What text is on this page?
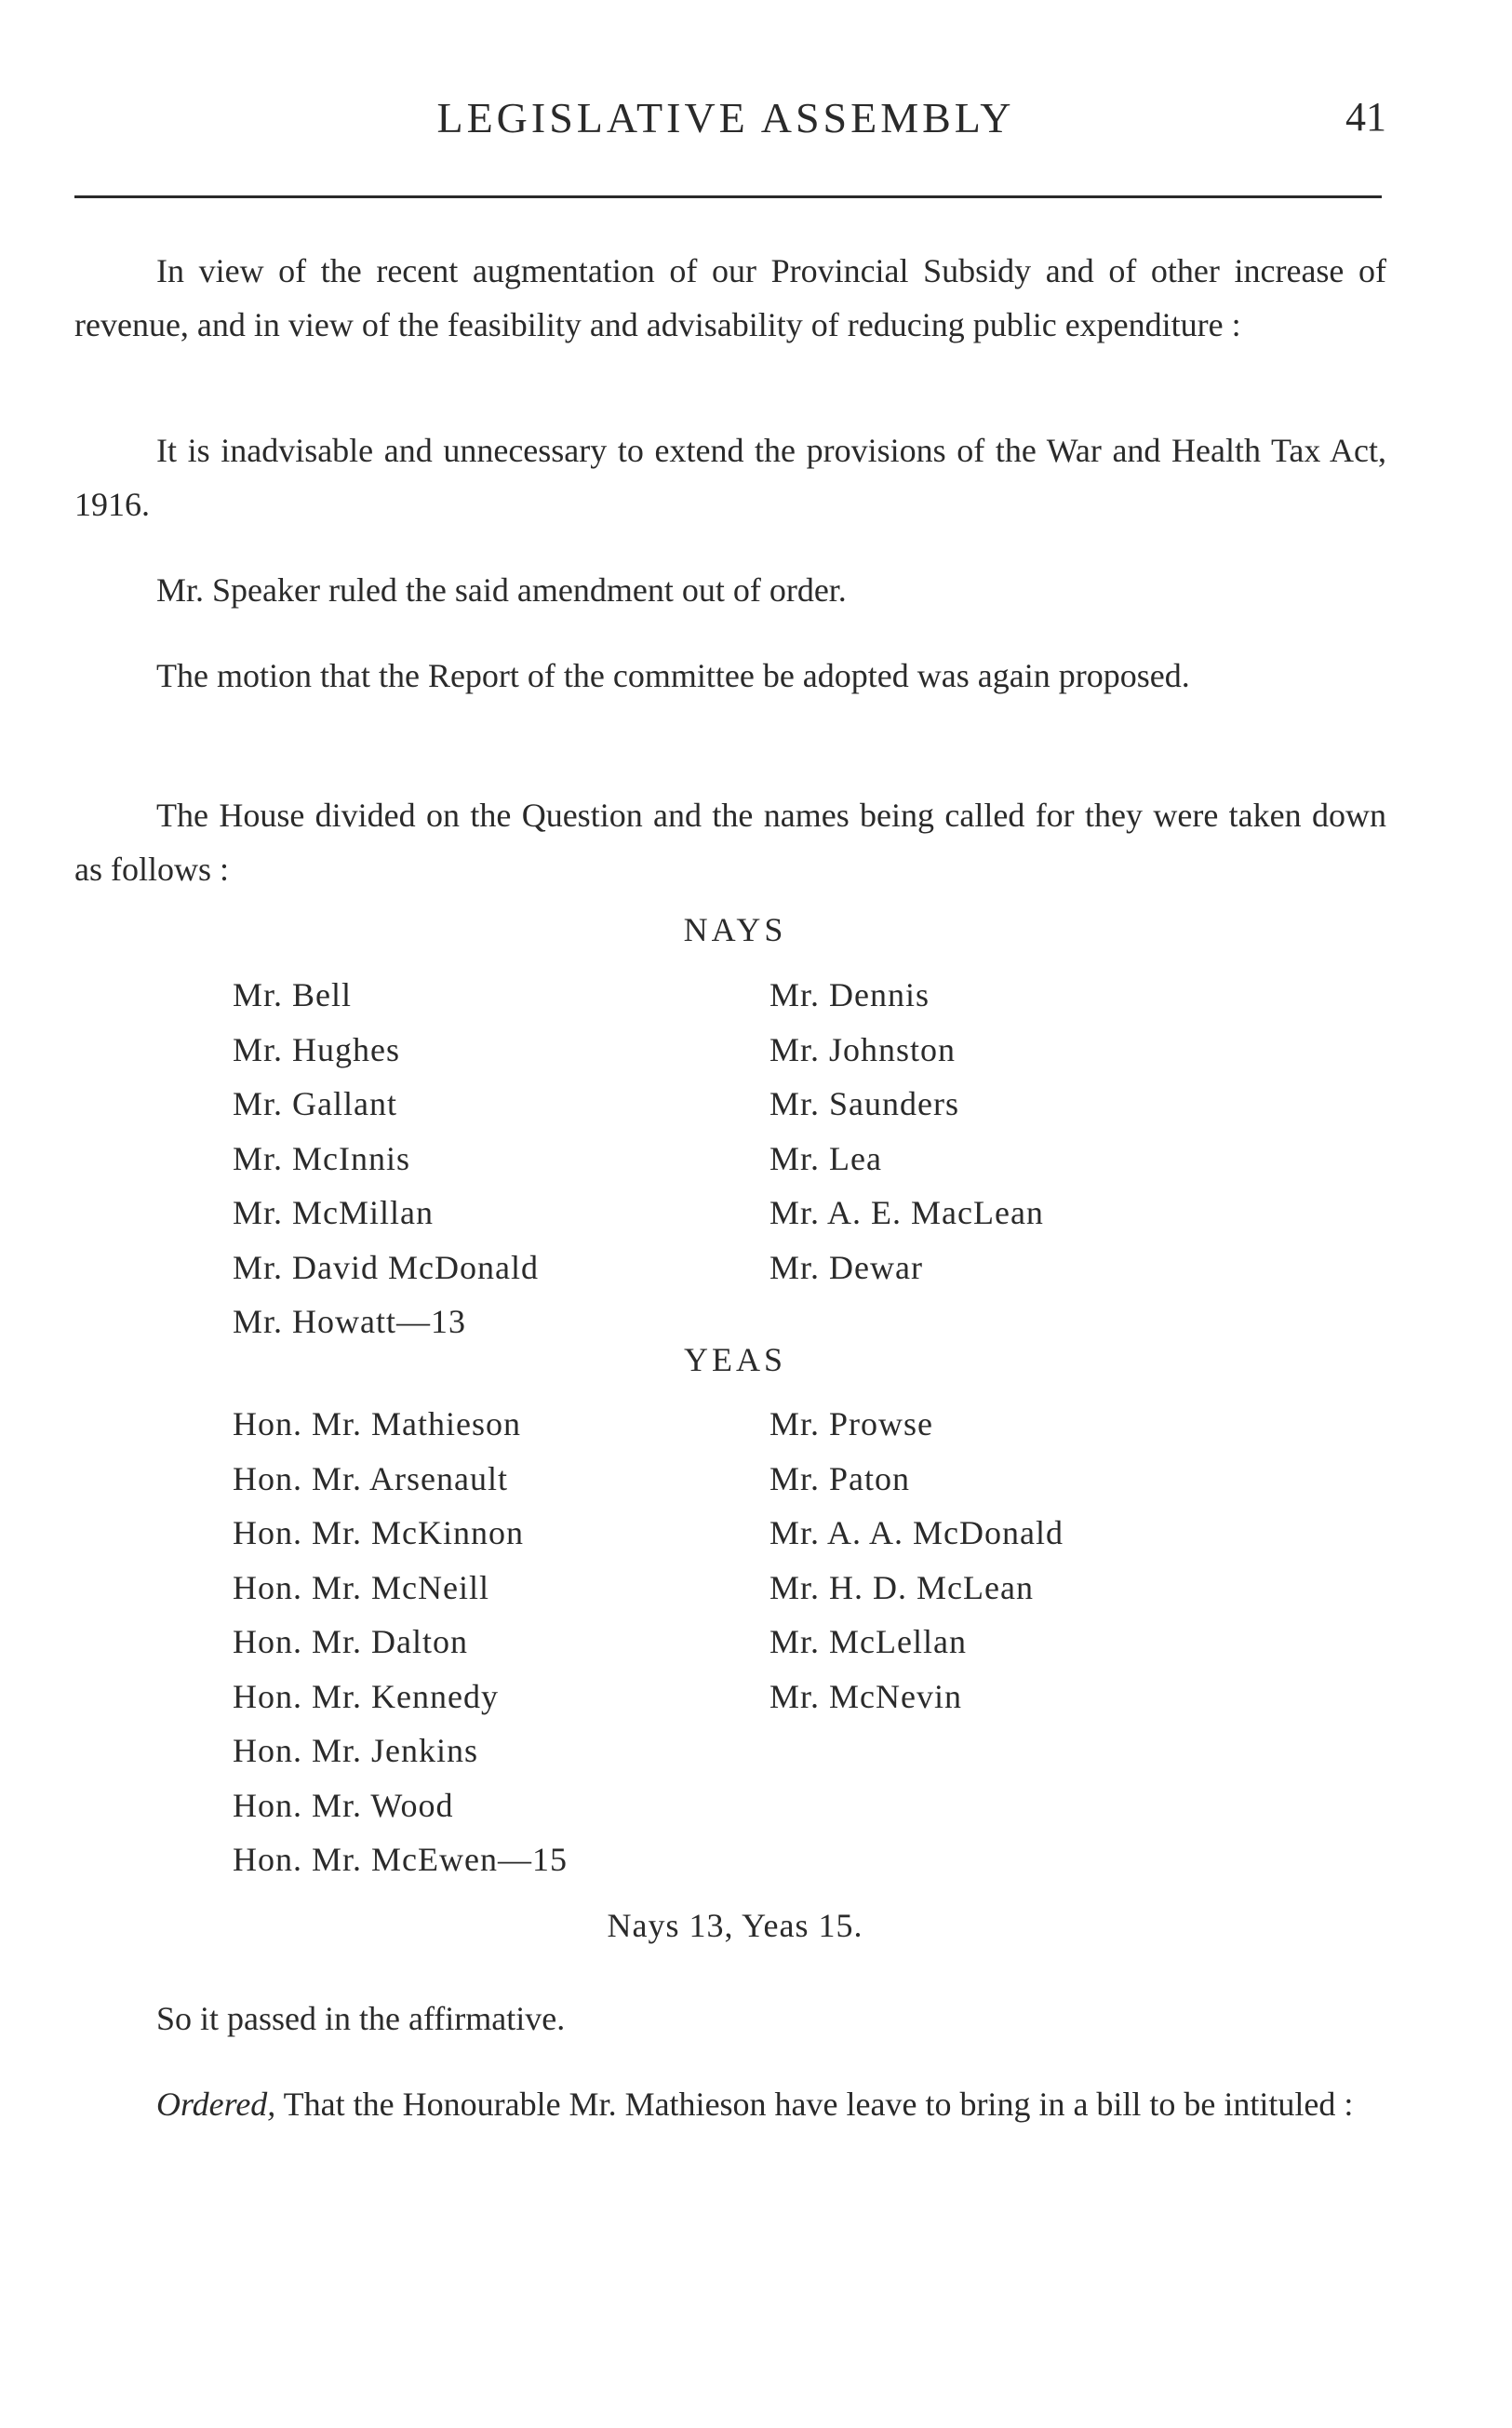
LEGISLATIVE ASSEMBLY	41

In view of the recent augmentation of our Provincial Subsidy and of other increase of revenue, and in view of the feasibility and advisability of reducing public expenditure :

It is inadvisable and unnecessary to extend the provisions of the War and Health Tax Act, 1916.

Mr. Speaker ruled the said amendment out of order.

The motion that the Report of the committee be adopted was again proposed.

The House divided on the Question and the names being called for they were taken down as follows :

NAYS
Mr. Bell
Mr. Hughes
Mr. Gallant
Mr. McInnis
Mr. McMillan
Mr. David McDonald
Mr. Howatt—13
Mr. Dennis
Mr. Johnston
Mr. Saunders
Mr. Lea
Mr. A. E. MacLean
Mr. Dewar
YEAS
Hon. Mr. Mathieson
Hon. Mr. Arsenault
Hon. Mr. McKinnon
Hon. Mr. McNeill
Hon. Mr. Dalton
Hon. Mr. Kennedy
Hon. Mr. Jenkins
Hon. Mr. Wood
Hon. Mr. McEwen—15
Mr. Prowse
Mr. Paton
Mr. A. A. McDonald
Mr. H. D. McLean
Mr. McLellan
Mr. McNevin
Nays 13, Yeas 15.

So it passed in the affirmative.

Ordered, That the Honourable Mr. Mathieson have leave to bring in a bill to be intituled :
